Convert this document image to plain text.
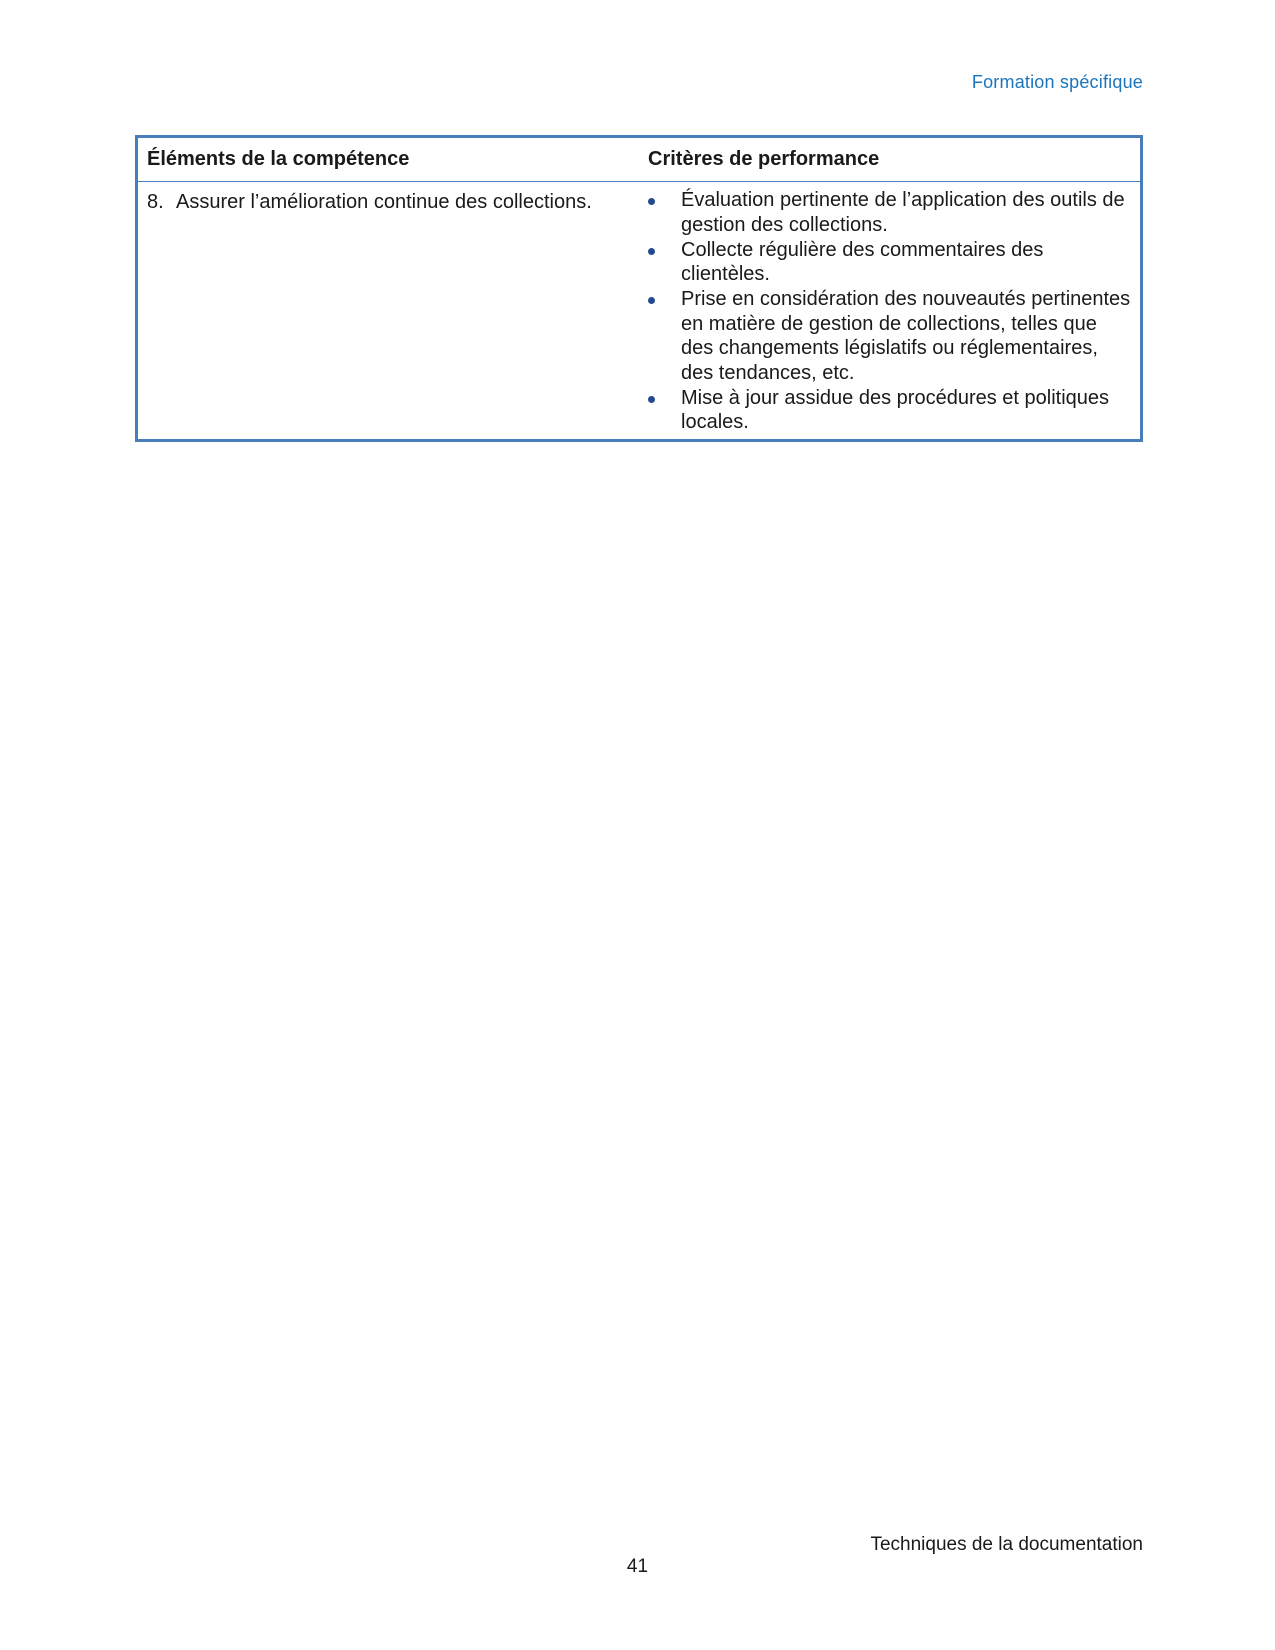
Formation spécifique
Éléments de la compétence	Critères de performance
8. Assurer l’amélioration continue des collections.	Évaluation pertinente de l’application des outils de gestion des collections.
Collecte régulière des commentaires des clientèles.
Prise en considération des nouveautés pertinentes en matière de gestion de collections, telles que des changements législatifs ou réglementaires, des tendances, etc.
Mise à jour assidue des procédures et politiques locales.
Techniques de la documentation
41
